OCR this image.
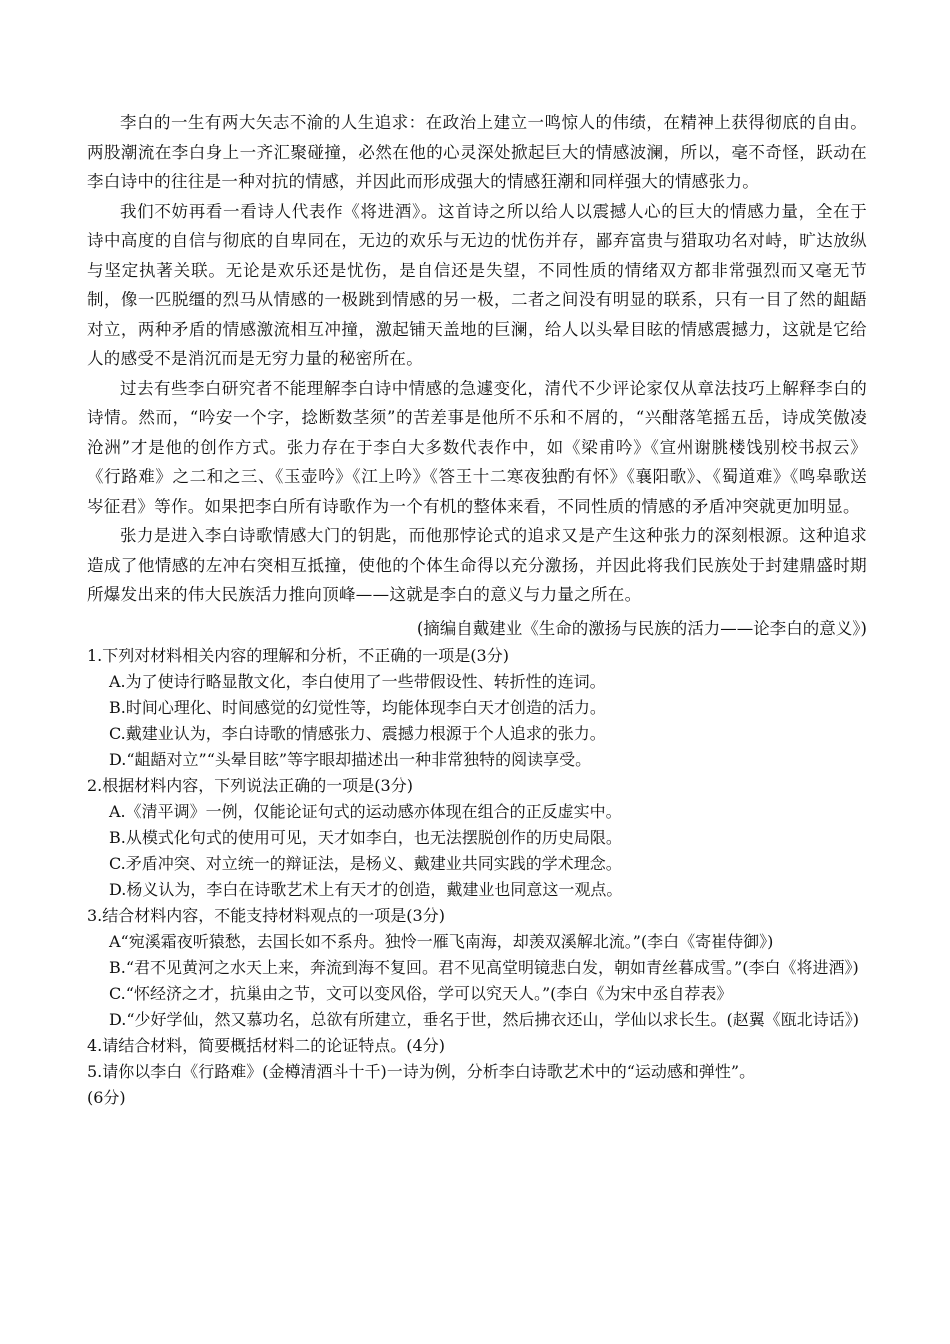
李白的一生有两大矢志不渝的人生追求：在政治上建立一鸣惊人的伟绩，在精神上获得彻底的自由。两股潮流在李白身上一齐汇聚碰撞，必然在他的心灵深处掀起巨大的情感波澜，所以，毫不奇怪，跃动在李白诗中的往往是一种对抗的情感，并因此而形成强大的情感狂潮和同样强大的情感张力。

我们不妨再看一看诗人代表作《将进酒》。这首诗之所以给人以震撼人心的巨大的情感力量，全在于诗中高度的自信与彻底的自卑同在，无边的欢乐与无边的忧伤并存，鄙弃富贵与猎取功名对峙，旷达放纵与坚定执著关联。无论是欢乐还是忧伤，是自信还是失望，不同性质的情绪双方都非常强烈而又毫无节制，像一匹脱缰的烈马从情感的一极跳到情感的另一极，二者之间没有明显的联系，只有一目了然的龃龉对立，两种矛盾的情感激流相互冲撞，激起铺天盖地的巨澜，给人以头晕目眩的情感震撼力，这就是它给人的感受不是消沉而是无穷力量的秘密所在。

过去有些李白研究者不能理解李白诗中情感的急遽变化，清代不少评论家仅从章法技巧上解释李白的诗情。然而，“吟安一个字，捻断数茎须”的苦差事是他所不乐和不屑的，“兴酣落笔摇五岳，诗成笑傲凌沧洲”才是他的创作方式。张力存在于李白大多数代表作中，如《梁甫吟》《宣州谢朓楼饯别校书叔云》《行路难》之二和之三、《玉壶吟》《江上吟》《答王十二寒夜独酌有怀》《襄阳歌》、《蜀道难》《鸣皋歌送岑征君》等作。如果把李白所有诗歌作为一个有机的整体来看，不同性质的情感的矛盾冲突就更加明显。

张力是进入李白诗歌情感大门的钥匙，而他那悖论式的追求又是产生这种张力的深刻根源。这种追求造成了他情感的左冲右突相互抵撞，使他的个体生命得以充分激扬，并因此将我们民族处于封建鼎盛时期所爆发出来的伟大民族活力推向顶峰——这就是李白的意义与力量之所在。

(摘编自戴建业《生命的激扬与民族的活力——论李白的意义》)

1.下列对材料相关内容的理解和分析，不正确的一项是(3分)

A.为了使诗行略显散文化，李白使用了一些带假设性、转折性的连词。

B.时间心理化、时间感觉的幻觉性等，均能体现李白天才创造的活力。

C.戴建业认为，李白诗歌的情感张力、震撼力根源于个人追求的张力。

D.“龃龉对立”“头晕目眩”等字眼却描述出一种非常独特的阅读享受。

2.根据材料内容，下列说法正确的一项是(3分)

A.《清平调》一例，仅能论证句式的运动感亦体现在组合的正反虚实中。

B.从模式化句式的使用可见，天才如李白，也无法摆脱创作的历史局限。

C.矛盾冲突、对立统一的辩证法，是杨义、戴建业共同实践的学术理念。

D.杨义认为，李白在诗歌艺术上有天才的创造，戴建业也同意这一观点。

3.结合材料内容，不能支持材料观点的一项是(3分)

A“宛溪霜夜听猿愁，去国长如不系舟。独怜一雁飞南海，却羡双溪解北流。”(李白《寄崔侍御》)

B.“君不见黄河之水天上来，奔流到海不复回。君不见高堂明镜悲白发，朝如青丝暮成雪。”(李白《将进酒》)

C.“怀经济之才，抗巢由之节，文可以变风俗，学可以究天人。”(李白《为宋中丞自荐表》

D.“少好学仙，然又慕功名，总欲有所建立，垂名于世，然后拂衣还山，学仙以求长生。(赵翼《瓯北诗话》)

4.请结合材料，简要概括材料二的论证特点。(4分)

5.请你以李白《行路难》(金樽清酒斗十千)一诗为例，分析李白诗歌艺术中的“运动感和弹性”。

(6分)
